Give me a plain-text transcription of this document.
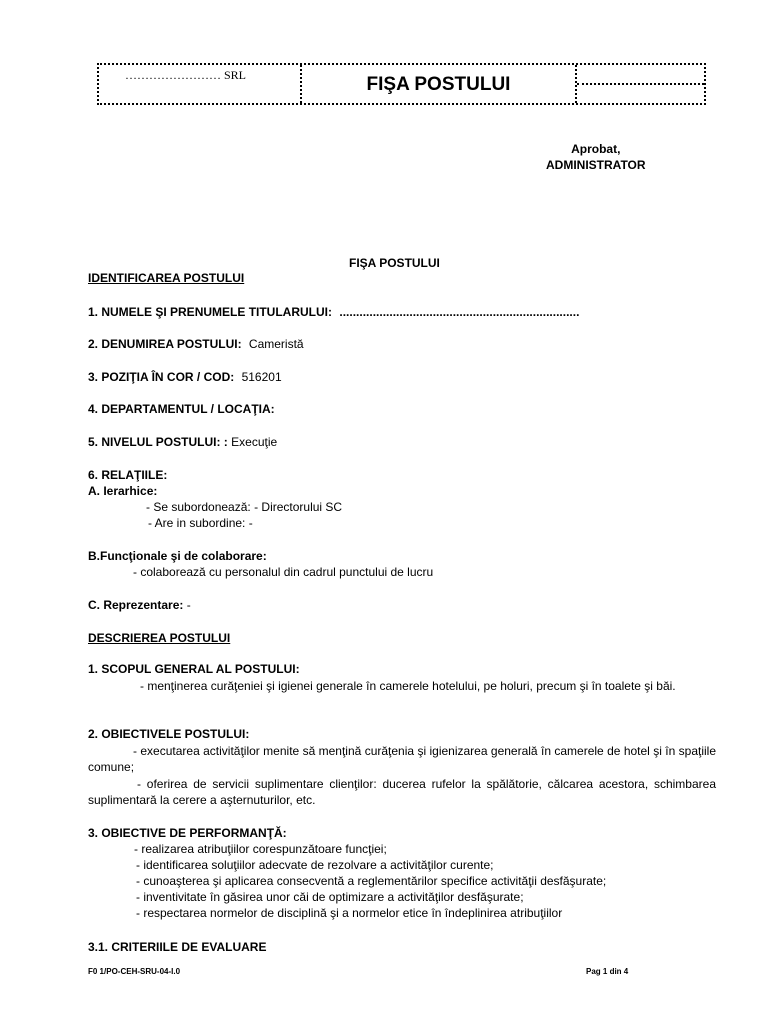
…………………… SRL	FIŞA POSTULUI
Aprobat,
ADMINISTRATOR
FIŞA POSTULUI
IDENTIFICAREA POSTULUI
1. NUMELE ŞI PRENUMELE TITULARULUI: ........................................................................
2. DENUMIREA POSTULUI: Cameristă
3. POZIŢIA ÎN COR / COD: 516201
4. DEPARTAMENTUL / LOCAŢIA:
5. NIVELUL POSTULUI: : Execuţie
6. RELAŢIILE:
A. Ierarhice:
- Se subordonează: - Directorului SC
- Are in subordine: -
B.Funcţionale şi de colaborare:
- colaborează cu personalul din cadrul punctului de lucru
C. Reprezentare: -
DESCRIEREA POSTULUI
1. SCOPUL GENERAL AL POSTULUI:
- menţinerea curăţeniei şi igienei generale în camerele hotelului, pe holuri, precum şi în toalete şi băi.
2. OBIECTIVELE POSTULUI:
- executarea activităţilor menite să menţină curăţenia şi igienizarea generală în camerele de hotel şi în spaţiile comune;
- oferirea de servicii suplimentare clienţilor: ducerea rufelor la spălătorie, călcarea acestora, schimbarea suplimentară la cerere a aşternuturilor, etc.
3. OBIECTIVE DE PERFORMANŢĂ:
- realizarea atribuţiilor corespunzătoare funcţiei;
- identificarea soluţiilor adecvate de rezolvare a activităţilor curente;
- cunoaşterea şi aplicarea consecventă a reglementărilor specifice activităţii desfăşurate;
- inventivitate în găsirea unor căi de optimizare a activităţilor desfăşurate;
- respectarea normelor de disciplină şi a normelor etice în îndeplinirea atribuţiilor
3.1. CRITERIILE DE EVALUARE
F0 1/PO-CEH-SRU-04-I.0	Pag 1 din 4
